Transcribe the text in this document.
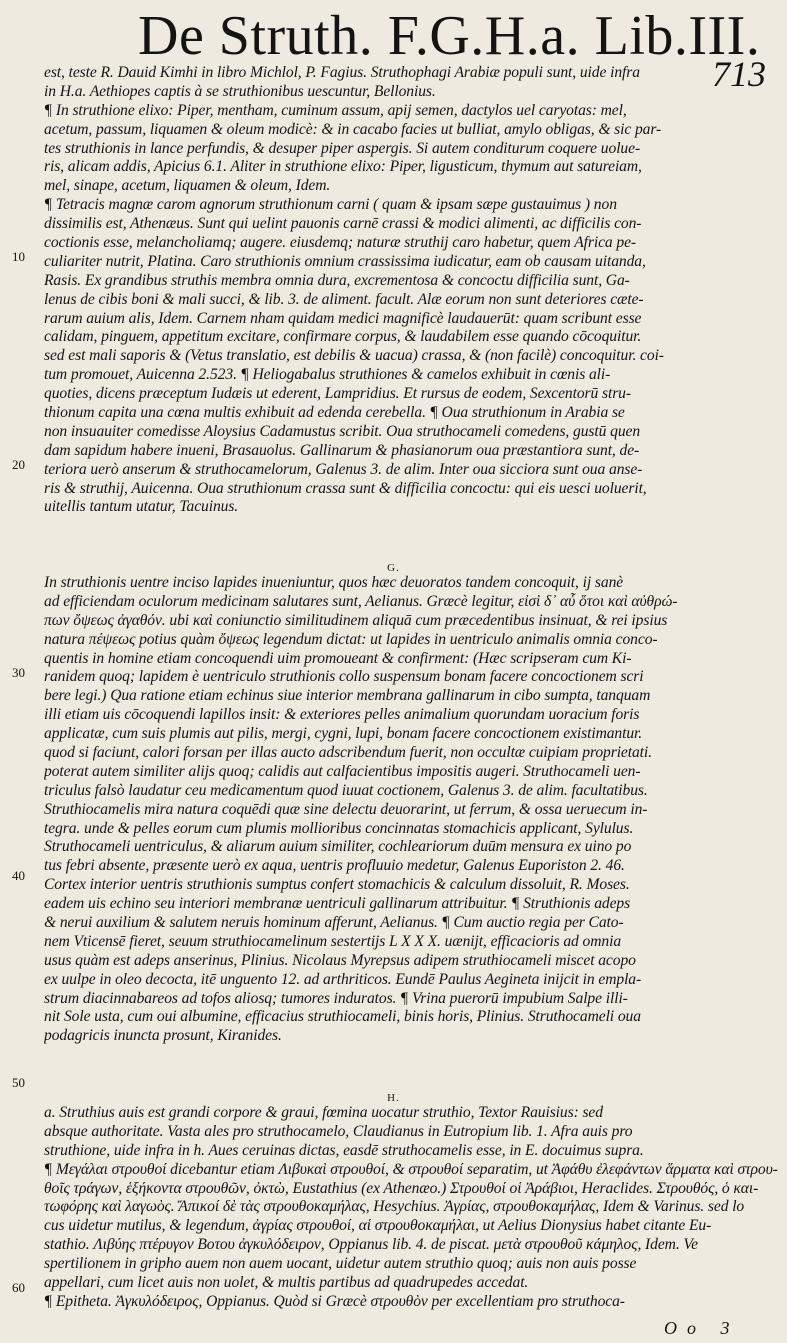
De Struth. F.G.H.a. Lib.III.
713
est, teste R. Dauid Kimhi in libro Michlol, P. Fagius. Struthophagi Arabiæ populi sunt, uide infra
in H.a. Aethiopes captis à se struthionibus uescuntur, Bellonius.
¶ In struthione elixo: Piper, mentham, cuminum assum, apij semen, dactylos uel caryotas: mel,
acetum, passum, liquamen & oleum modicè: & in cacabo facies ut bulliat, amylo obligas, & sic par-
tes struthionis in lance perfundis, & desuper piper aspergis. Si autem conditurum coquere uolue-
ris, alicam addis, Apicius 6.1. Aliter in struthione elixo: Piper, ligusticum, thymum aut satureiam,
mel, sinape, acetum, liquamen & oleum, Idem.
¶ Tetracis magnæ carom agnorum struthionum carni ( quam & ipsam sæpe gustauimus ) non
dissimilis est, Athenæus. Sunt qui uelint pauonis carnē crassi & modici alimenti, ac difficilis con-
coctionis esse, melancholiamq; augere. eiusdemq; naturæ struthij caro habetur, quem Africa pe-
culiariter nutrit, Platina. Caro struthionis omnium crassissima iudicatur, eam ob causam uitanda,
Rasis. Ex grandibus struthis membra omnia dura, excrementosa & concoctu difficilia sunt, Ga-
lenus de cibis boni & mali succi, & lib. 3. de aliment. facult. Alæ eorum non sunt deteriores cæte-
rarum auium alis, Idem. Carnem nham quidam medici magnificè laudauerūt: quam scribunt esse
calidam, pinguem, appetitum excitare, confirmare corpus, & laudabilem esse quando cōcoquitur.
sed est mali saporis & (Vetus translatio, est debilis & uacua) crassa, & (non facilè) concoquitur. coi-
tum promouet, Auicenna 2.523. ¶ Heliogabalus struthiones & camelos exhibuit in cœnis ali-
quoties, dicens præceptum Iudæis ut ederent, Lampridius. Et rursus de eodem, Sexcentorū stru-
thionum capita una cœna multis exhibuit ad edenda cerebella. ¶ Oua struthionum in Arabia se
non insuauiter comedisse Aloysius Cadamustus scribit. Oua struthocameli comedens, gustū quen
dam sapidum habere inueni, Brasauolus. Gallinarum & phasianorum oua præstantiora sunt, de-
teriora uerò anserum & struthocamelorum, Galenus 3. de alim. Inter oua sicciora sunt oua anse-
ris & struthij, Auicenna. Oua struthionum crassa sunt & difficilia concoctu: qui eis uesci uoluerit,
uitellis tantum utatur, Tacuinus.
G.
In struthionis uentre inciso lapides inueniuntur, quos hæc deuoratos tandem concoquit, ij sanè
ad efficiendam oculorum medicinam salutares sunt, Aelianus. Græcè legitur, εἰσὶ δ᾽ αὖ ὅτοι καὶ αὐθρώ-
πων ὄψεως ἀγαθόν. ubi καὶ coniunctio similitudinem aliquā cum præcedentibus insinuat, & rei ipsius
natura πέψεως potius quàm ὄψεως legendum dictat: ut lapides in uentriculo animalis omnia conco-
quentis in homine etiam concoquendi uim promoueant & confirment: (Hæc scripseram cum Ki-
ranidem quoq; lapidem è uentriculo struthionis collo suspensum bonam facere concoctionem scri
bere legi.) Qua ratione etiam echinus siue interior membrana gallinarum in cibo sumpta, tanquam
illi etiam uis cōcoquendi lapillos insit: & exteriores pelles animalium quorundam uoracium foris
applicatæ, cum suis plumis aut pilis, mergi, cygni, lupi, bonam facere concoctionem existimantur.
quod si faciunt, calori forsan per illas aucto adscribendum fuerit, non occultæ cuipiam proprietati.
poterat autem similiter alijs quoq; calidis aut calfacientibus impositis augeri. Struthocameli uen-
triculus falsò laudatur ceu medicamentum quod iuuat coctionem, Galenus 3. de alim. facultatibus.
Struthiocamelis mira natura coquēdi quæ sine delectu deuorarint, ut ferrum, & ossa ueruecum in-
tegra. unde & pelles eorum cum plumis mollioribus concinnatas stomachicis applicant, Sylulus.
Struthocameli uentriculus, & aliarum auium similiter, cochleariorum duūm mensura ex uino po
tus febri absente, præsente uerò ex aqua, uentris profluuio medetur, Galenus Euporiston 2. 46.
Cortex interior uentris struthionis sumptus confert stomachicis & calculum dissoluit, R. Moses.
eadem uis echino seu interiori membranæ uentriculi gallinarum attribuitur. ¶ Struthionis adeps
& nerui auxilium & salutem neruis hominum afferunt, Aelianus. ¶ Cum auctio regia per Cato-
nem Vticensē fieret, seuum struthiocamelinum sestertijs L X X X. uænijt, efficacioris ad omnia
usus quàm est adeps anserinus, Plinius. Nicolaus Myrepsus adipem struthiocameli miscet acopo
ex uulpe in oleo decocta, itē unguento 12. ad arthriticos. Eundē Paulus Aegineta inijcit in empla-
strum diacinnabareos ad tofos aliosq; tumores induratos. ¶ Vrina puerorū impubium Salpe illi-
nit Sole usta, cum oui albumine, efficacius struthiocameli, binis horis, Plinius. Struthocameli oua
podagricis inuncta prosunt, Kiranides.
H.
a. Struthius auis est grandi corpore & graui, fœmina uocatur struthio, Textor Rauisius: sed
absque authoritate. Vasta ales pro struthocamelo, Claudianus in Eutropium lib. 1. Afra auis pro
struthione, uide infra in h. Aues ceruinas dictas, easdē struthocamelis esse, in E. docuimus supra.
¶ Μεγάλαι στρουθοί dicebantur etiam Λιβυκαὶ στρουθοί, & στρουθοί separatim, ut Ἀφάθυ ἐλεφάντων ἅρματα καὶ στρου-
θοῖς τράγων, ἑξήκοντα στρουθῶν, ὀκτὼ, Eustathius (ex Athenæo.) Στρουθοί οἱ Ἀράβιοι, Heraclides. Στρουθός, ὁ και-
τωφόρης καὶ λαγωὸς. Ἄπικοί δὲ τὰς στρουθοκαμήλας, Hesychius. Ἀγρίας, στρουθοκαμήλας, Idem & Varinus. sed lo
cus uidetur mutilus, & legendum, ἀγρίας στρουθοί, αἱ στρουθοκαμήλαι, ut Aelius Dionysius habet citante Eu-
stathio. Λιβύης πτέρυγον Βοτου ἀγκυλόδειρον, Oppianus lib. 4. de piscat. μετὰ στρουθοῦ κάμηλος, Idem. Ve
spertilionem in gripho auem non auem uocant, uidetur autem struthio quoq; auis non auis posse
appellari, cum licet auis non uolet, & multis partibus ad quadrupedes accedat.
¶ Epitheta. Ἀγκυλόδειρος, Oppianus. Quòd si Græcè στρουθὸν per excellentiam pro struthoca-
10
20
30
40
50
60
Oo 3
